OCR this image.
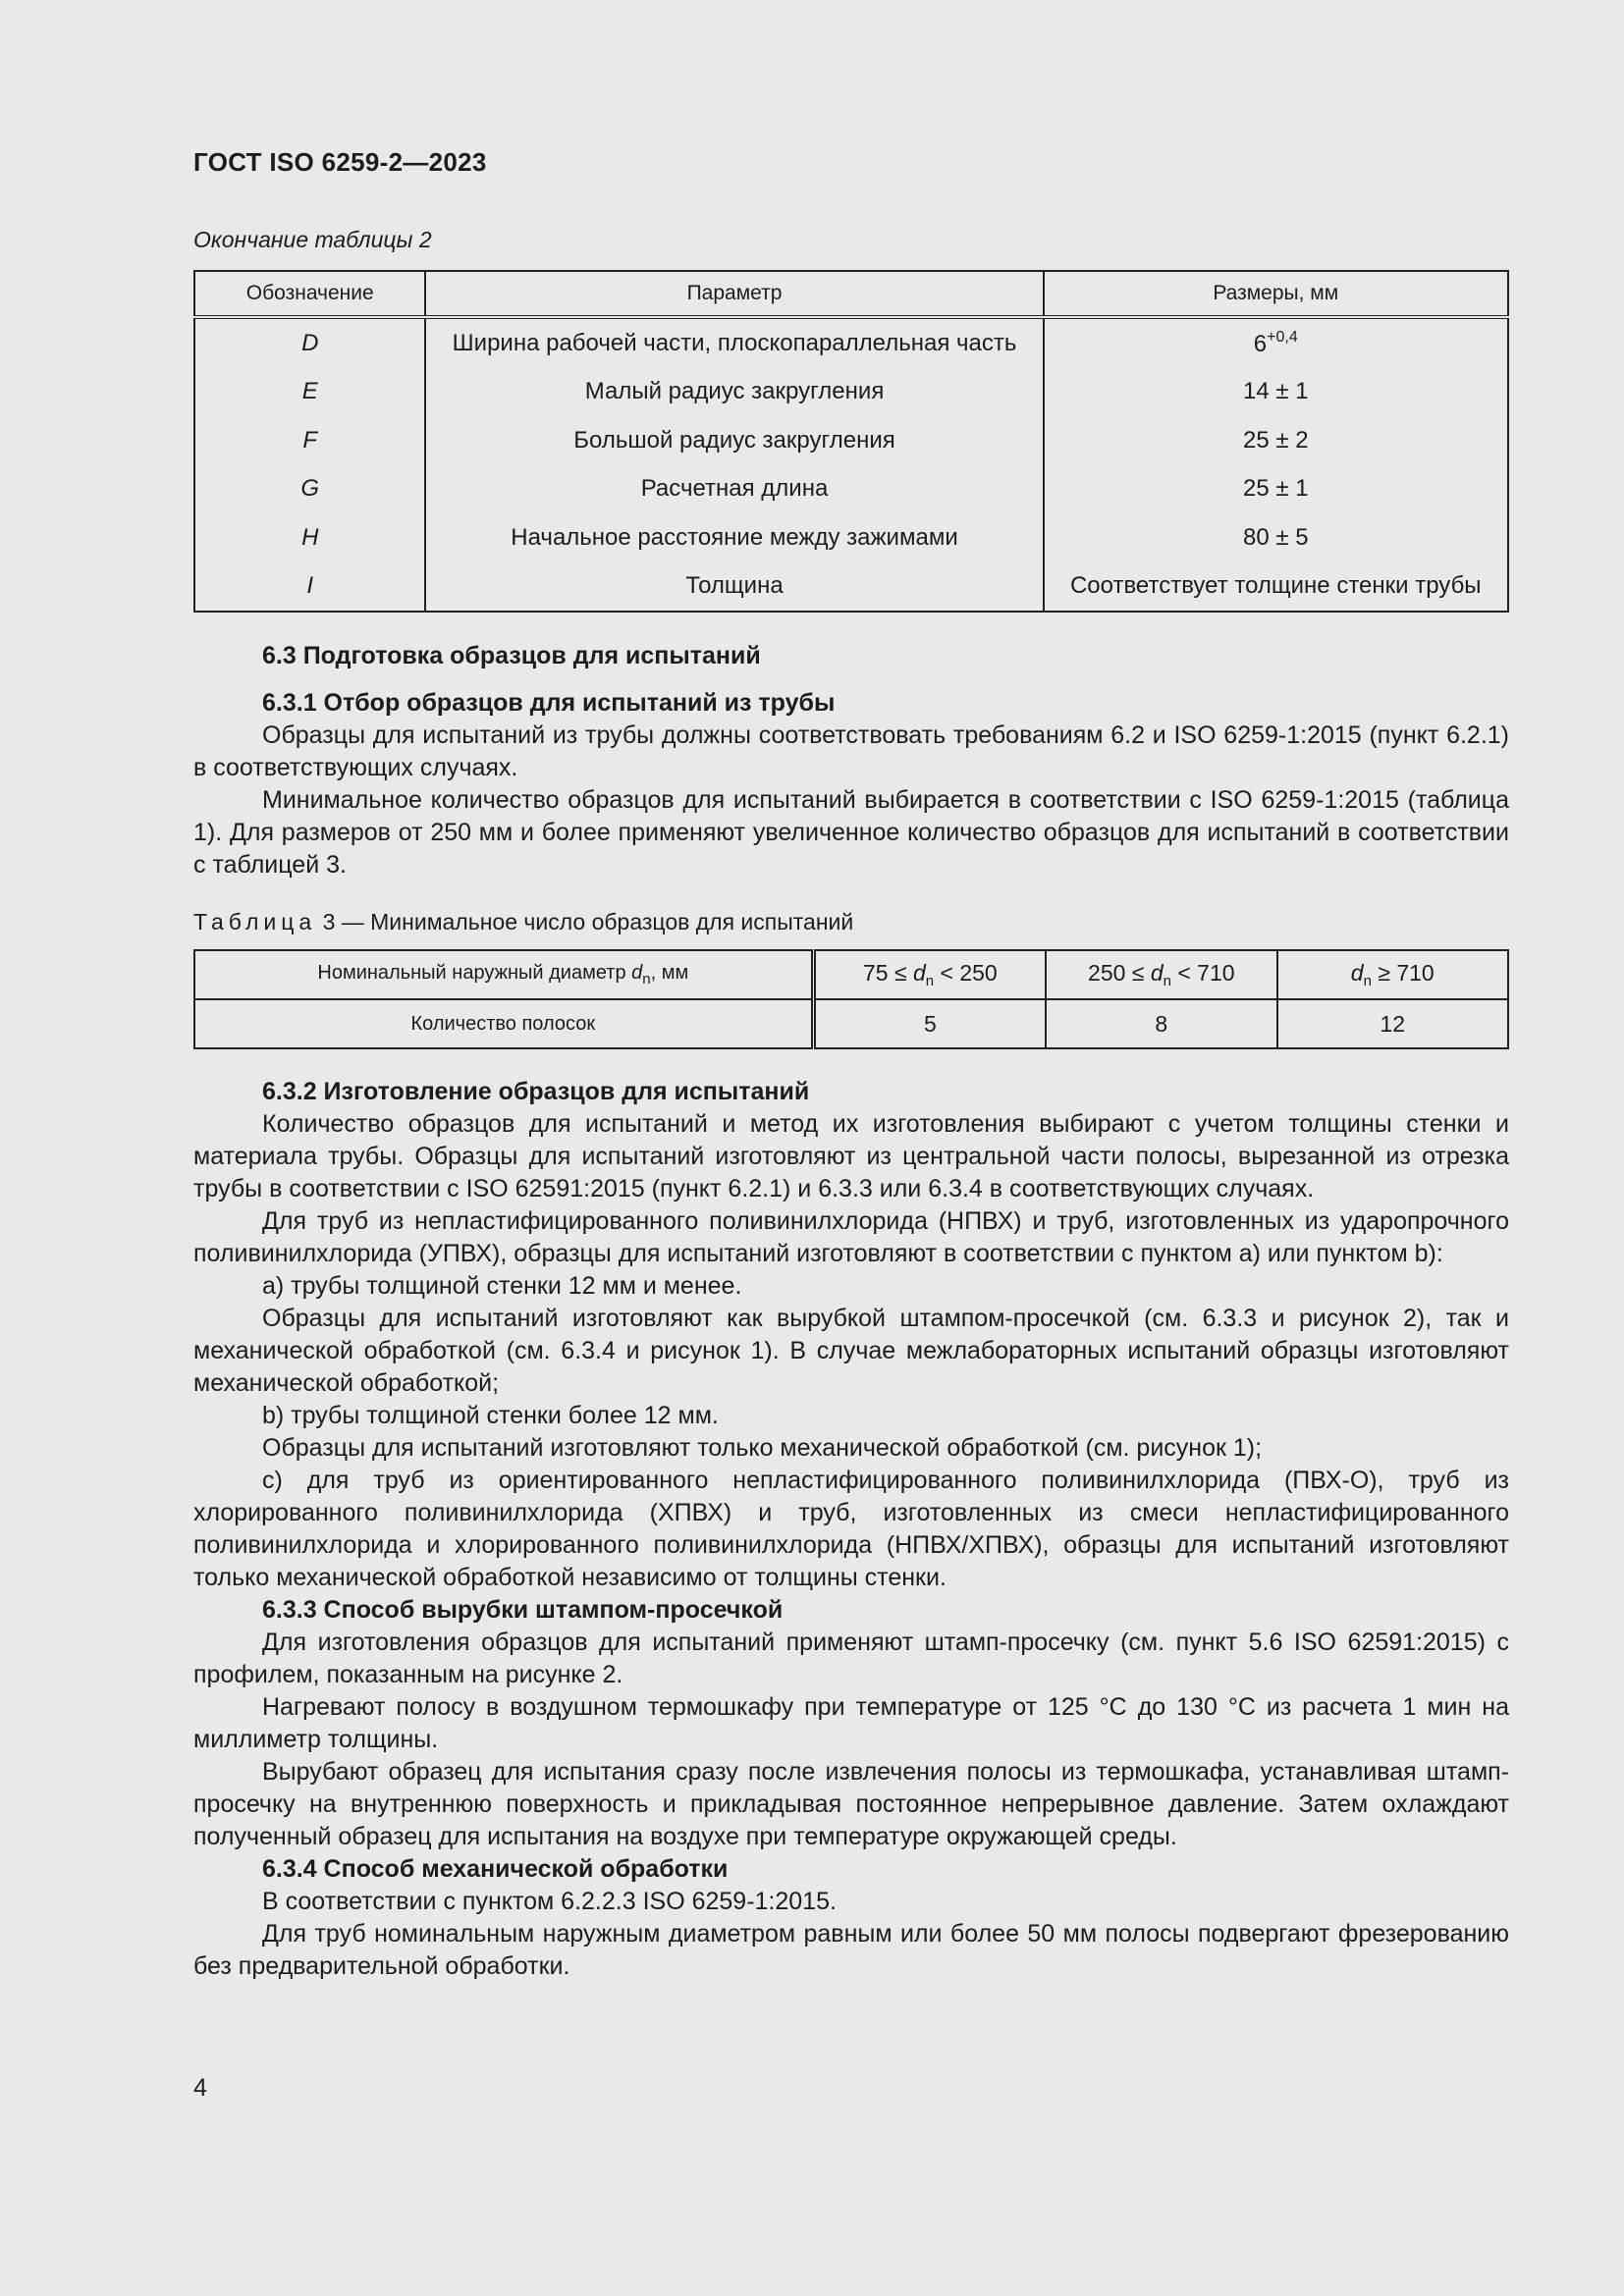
ГОСТ ISO 6259-2—2023
Окончание таблицы 2
Обозначение	Параметр	Размеры, мм
D	Ширина рабочей части, плоскопараллельная часть	$6^{+0,4}$
E	Малый радиус закругления	14 ± 1
F	Большой радиус закругления	25 ± 2
G	Расчетная длина	25 ± 1
H	Начальное расстояние между зажимами	80 ± 5
I	Толщина	Соответствует толщине стенки трубы
6.3 Подготовка образцов для испытаний
6.3.1 Отбор образцов для испытаний из трубы
Образцы для испытаний из трубы должны соответствовать требованиям 6.2 и ISO 6259-1:2015 (пункт 6.2.1) в соответствующих случаях.
Минимальное количество образцов для испытаний выбирается в соответствии с ISO 6259-1:2015 (таблица 1). Для размеров от 250 мм и более применяют увеличенное количество образцов для испытаний в соответствии с таблицей 3.
Таблица 3 — Минимальное число образцов для испытаний
Номинальный наружный диаметр $d_n$, мм	$75 \le d_n < 250$	$250 \le d_n < 710$	$d_n \ge 710$
Количество полосок	5	8	12
6.3.2 Изготовление образцов для испытаний
Количество образцов для испытаний и метод их изготовления выбирают с учетом толщины стенки и материала трубы. Образцы для испытаний изготовляют из центральной части полосы, вырезанной из отрезка трубы в соответствии с ISO 62591:2015 (пункт 6.2.1) и 6.3.3 или 6.3.4 в соответствующих случаях.
Для труб из непластифицированного поливинилхлорида (НПВХ) и труб, изготовленных из ударопрочного поливинилхлорида (УПВХ), образцы для испытаний изготовляют в соответствии с пунктом а) или пунктом b):
а) трубы толщиной стенки 12 мм и менее.
Образцы для испытаний изготовляют как вырубкой штампом-просечкой (см. 6.3.3 и рисунок 2), так и механической обработкой (см. 6.3.4 и рисунок 1). В случае межлабораторных испытаний образцы изготовляют механической обработкой;
b) трубы толщиной стенки более 12 мм.
Образцы для испытаний изготовляют только механической обработкой (см. рисунок 1);
с) для труб из ориентированного непластифицированного поливинилхлорида (ПВХ-О), труб из хлорированного поливинилхлорида (ХПВХ) и труб, изготовленных из смеси непластифицированного поливинилхлорида и хлорированного поливинилхлорида (НПВХ/ХПВХ), образцы для испытаний изготовляют только механической обработкой независимо от толщины стенки.
6.3.3 Способ вырубки штампом-просечкой
Для изготовления образцов для испытаний применяют штамп-просечку (см. пункт 5.6 ISO 62591:2015) с профилем, показанным на рисунке 2.
Нагревают полосу в воздушном термошкафу при температуре от 125 °С до 130 °С из расчета 1 мин на миллиметр толщины.
Вырубают образец для испытания сразу после извлечения полосы из термошкафа, устанавливая штамп-просечку на внутреннюю поверхность и прикладывая постоянное непрерывное давление. Затем охлаждают полученный образец для испытания на воздухе при температуре окружающей среды.
6.3.4 Способ механической обработки
В соответствии с пунктом 6.2.2.3 ISO 6259-1:2015.
Для труб номинальным наружным диаметром равным или более 50 мм полосы подвергают фрезерованию без предварительной обработки.
4
